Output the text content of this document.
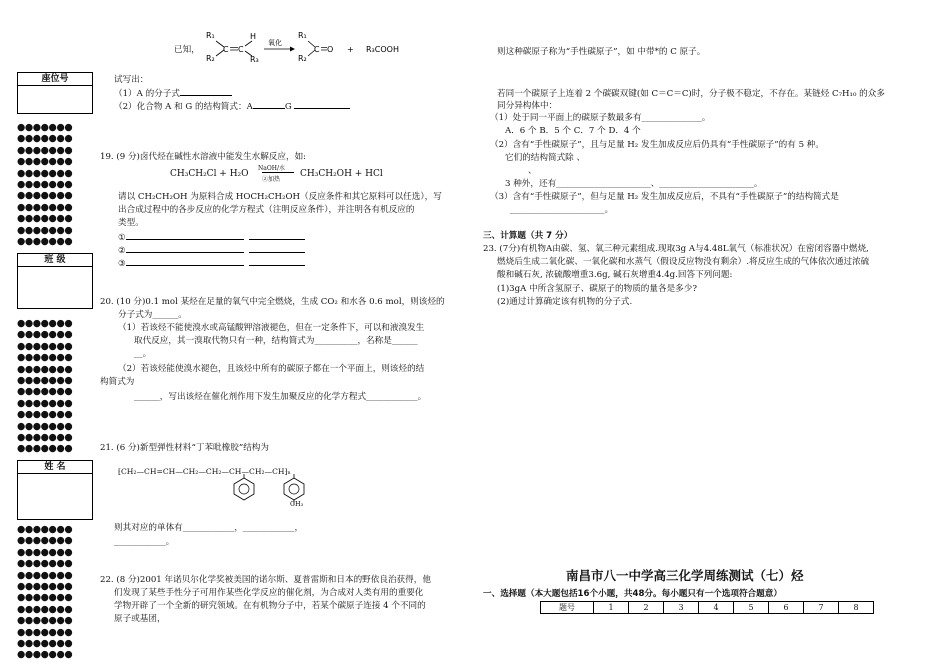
已知，
R₁
R₂
C C
H
R₃
氧化
R₁
R₂
C O + R₃COOH
座位号
●●●●●●●
●●●●●●●
●●●●●●●
●●●●●●●
●●●●●●●
●●●●●●●
●●●●●●●
●●●●●●●
●●●●●●●
●●●●●●●
●●●●●●●
班 级
●●●●●●●
●●●●●●●
●●●●●●●
●●●●●●●
●●●●●●●
●●●●●●●
●●●●●●●
●●●●●●●
●●●●●●●
●●●●●●●
●●●●●●●
●●●●●●●
姓 名
●●●●●●●
●●●●●●●
●●●●●●●
●●●●●●●
●●●●●●●
●●●●●●●
●●●●●●●
●●●●●●●
●●●●●●●
●●●●●●●
●●●●●●●
●●●●●●●
试写出：
（1）A 的分子式
（2）化合物 A 和 G 的结构简式：A	G
19. (9 分)卤代烃在碱性水溶液中能发生水解反应，如:
CH₃CH₂Cl + H₂O
NaOH/水
②加热
CH₃CH₂OH + HCl
请以 CH₂CH₂OH 为原料合成 HOCH₂CH₂OH（反应条件和其它原料可以任选），写
出合成过程中的各步反应的化学方程式（注明反应条件），并注明各有机反应的
类型。
①
②
③
20. (10 分)0.1 mol 某烃在足量的氧气中完全燃烧，生成 CO₂ 和水各 0.6 mol，则该烃的
分子式为______。
（1）若该烃不能使溴水或高锰酸钾溶液褪色，但在一定条件下，可以和液溴发生
取代反应，其一溴取代物只有一种，结构简式为__________，名称是______
__。
（2）若该烃能使溴水褪色，且该烃中所有的碳原子都在一个平面上，则该烃的结
构简式为
______，写出该烃在催化剂作用下发生加聚反应的化学方程式____________。
21. (6 分)新型弹性材料“丁苯吡橡胶”结构为
⁅CH₂—CH=CH—CH₂—CH₂—CH—CH₂—CH⁆ₙ
CH₃
则其对应的单体有____________，____________，
____________。
22. (8 分)2001 年诺贝尔化学奖被美国的诺尔斯、夏普雷斯和日本的野依良治获得，他
们发现了某些手性分子可用作某些化学反应的催化剂，为合成对人类有用的重要化
学物开辟了一个全新的研究领域。在有机物分子中，若某个碳原子连接 4 个不同的
原子或基团，
则这种碳原子称为“手性碳原子”，如 中带*的 C 原子。
若同一个碳原子上连着 2 个碳碳双键(如 C＝C＝C)时，分子极不稳定，不存在。某链烃 C₇H₁₀ 的众多
同分异构体中：
（1）处于同一平面上的碳原子数最多有______________。
A．6 个 B．5 个 C．7 个 D．4 个
（2）含有“手性碳原子”，且与足量 H₂ 发生加成反应后仍具有“手性碳原子”的有 5 种。
它们的结构简式除 、
、
3 种外，还有______________________、______________________。
（3）含有“手性碳原子”，但与足量 H₂ 发生加成反应后，不具有“手性碳原子”的结构简式是
______________________。
三、计算题（共 7 分）
23. (7分)有机物A由碳、氢、氧三种元素组成.现取3g A与4.48L氧气（标准状况）在密闭容器中燃烧,
燃烧后生成二氧化碳、一氧化碳和水蒸气（假设反应物没有剩余）.将反应生成的气体依次通过浓硫
酸和碱石灰, 浓硫酸增重3.6g, 碱石灰增重4.4g.回答下列问题:
(1)3gA 中所含氢原子、碳原子的物质的量各是多少?
(2)通过计算确定该有机物的分子式.
南昌市八一中学高三化学周练测试（七）烃
一、选择题（本大题包括16个小题，共48分。每小题只有一个选项符合题意）
题号	1	2	3	4	5	6	7	8
